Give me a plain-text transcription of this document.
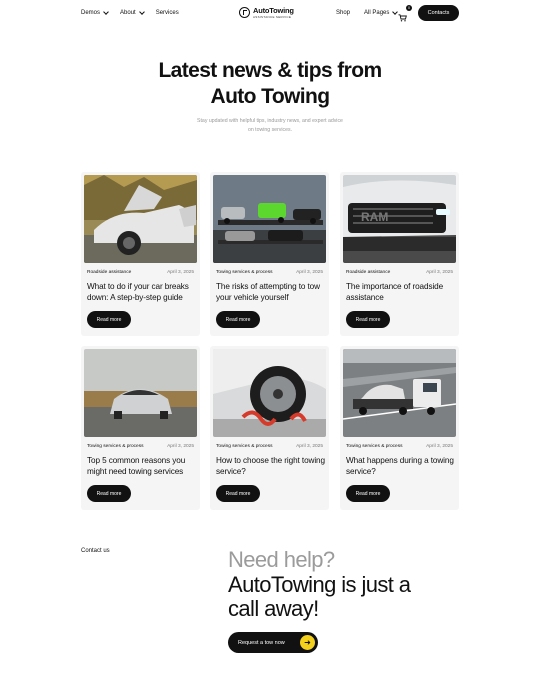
Demos	About	Services	AutoTowing
ASSISTANCE SERVICE
Shop All Pages
0
Contacts
Latest news & tips from
Auto Towing

Stay updated with helpful tips, industry news, and expert advice on towing services.

Roadside assistance	April 3, 2025
What to do if your car breaks down: A step-by-step guide
Read more
Towing services & process	April 3, 2025
The risks of attempting to tow your vehicle yourself
Read more
RAM
Roadside assistance	April 3, 2025
The importance of roadside assistance
Read more
Towing services & process	April 3, 2025
Top 5 common reasons you might need towing services
Read more
Towing services & process	April 3, 2025
How to choose the right towing service?
Read more
Towing services & process	April 3, 2025
What happens during a towing service?
Read more
Contact us	Need help?
AutoTowing is just a call away!
Request a tow now	➜
